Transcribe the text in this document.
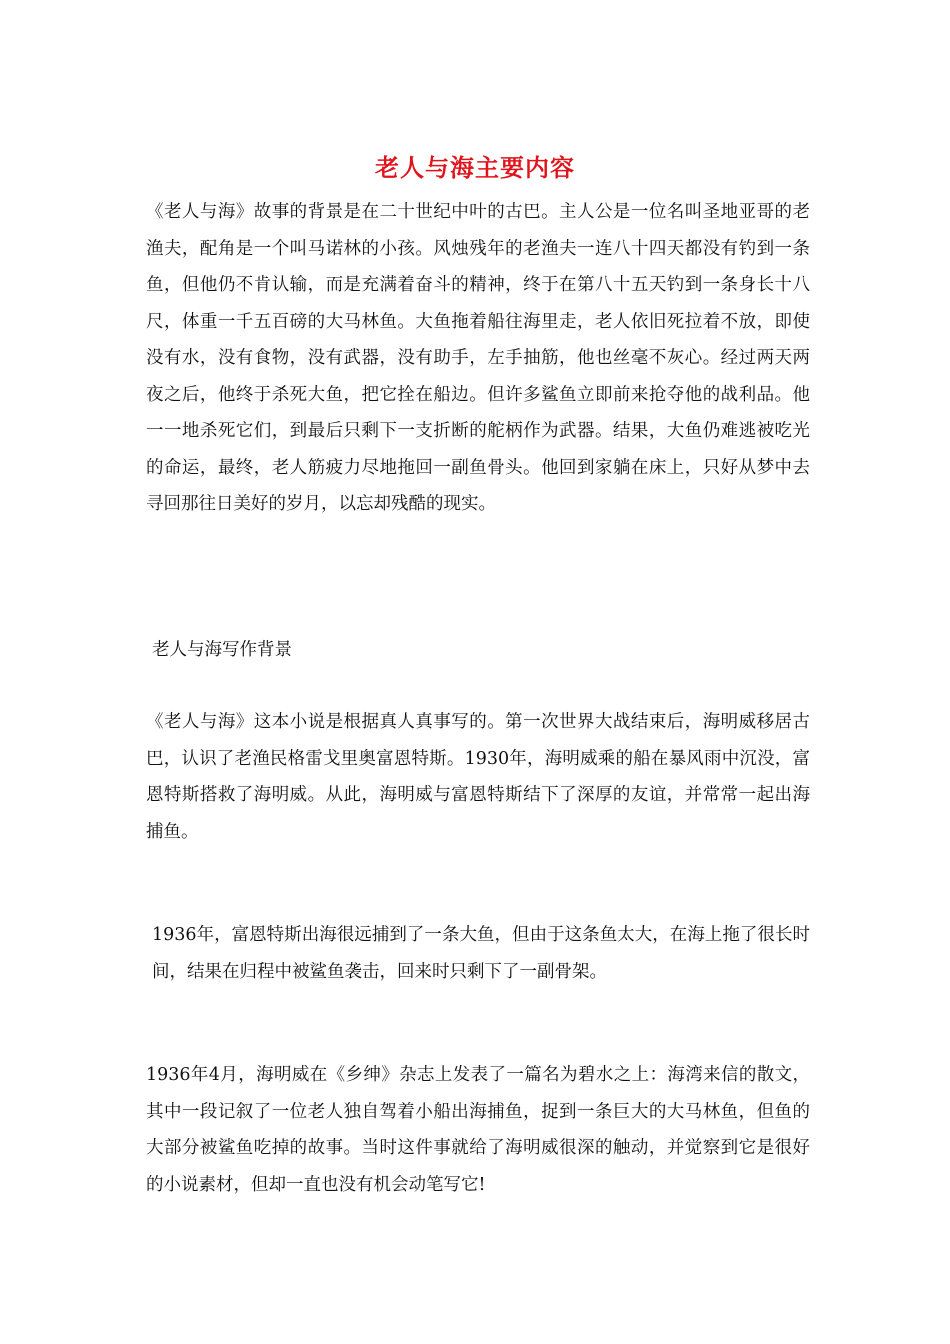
老人与海主要内容

《老人与海》故事的背景是在二十世纪中叶的古巴。主人公是一位名叫圣地亚哥的老渔夫，配角是一个叫马诺林的小孩。风烛残年的老渔夫一连八十四天都没有钓到一条鱼，但他仍不肯认输，而是充满着奋斗的精神，终于在第八十五天钓到一条身长十八尺，体重一千五百磅的大马林鱼。大鱼拖着船往海里走，老人依旧死拉着不放，即使没有水，没有食物，没有武器，没有助手，左手抽筋，他也丝毫不灰心。经过两天两夜之后，他终于杀死大鱼，把它拴在船边。但许多鲨鱼立即前来抢夺他的战利品。他一一地杀死它们，到最后只剩下一支折断的舵柄作为武器。结果，大鱼仍难逃被吃光的命运，最终，老人筋疲力尽地拖回一副鱼骨头。他回到家躺在床上，只好从梦中去寻回那往日美好的岁月，以忘却残酷的现实。

老人与海写作背景

《老人与海》这本小说是根据真人真事写的。第一次世界大战结束后，海明威移居古巴，认识了老渔民格雷戈里奥富恩特斯。1930年，海明威乘的船在暴风雨中沉没，富恩特斯搭救了海明威。从此，海明威与富恩特斯结下了深厚的友谊，并常常一起出海捕鱼。

1936年，富恩特斯出海很远捕到了一条大鱼，但由于这条鱼太大，在海上拖了很长时间，结果在归程中被鲨鱼袭击，回来时只剩下了一副骨架。

1936年4月，海明威在《乡绅》杂志上发表了一篇名为碧水之上：海湾来信的散文，其中一段记叙了一位老人独自驾着小船出海捕鱼，捉到一条巨大的大马林鱼，但鱼的大部分被鲨鱼吃掉的故事。当时这件事就给了海明威很深的触动，并觉察到它是很好的小说素材，但却一直也没有机会动笔写它!
